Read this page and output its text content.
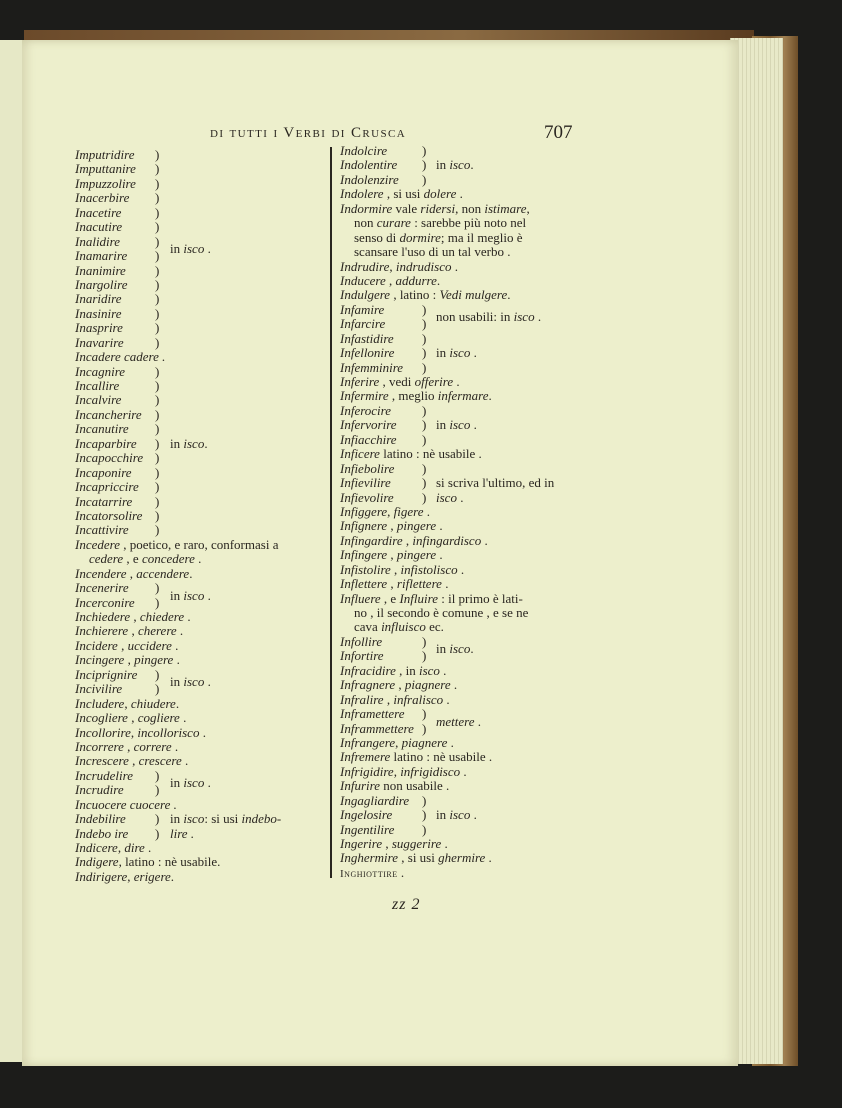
di tutti i Verbi di Crusca	707
Imputridire )
Imputtanire )
Impuzzolire )
Inacerbire )
Inacetire	)
Inacutire	)
Inalidire	)
Inamarire ) in isco .
Inanimire )
Inargolire )
Inaridire	)
Inasinire	)
Inasprire )
Inavarire )
Incadere cadere .
Incagnire )
Incallire	)
Incalvire	)
Incancherire )
Incanutire )
Incaparbire ) in isco.
Incapocchire )
Incaponire )
Incapriccire )
Incatarrire )
Incatorsolire )
Incattivire )
Incedere , poetico, e raro, conformasi a
cedere , e concedere .
Incendere , accendere.
Incenerire )
Incerconire ) in isco .
Inchiedere , chiedere .
Inchierere , cherere .
Incidere , uccidere .
Incingere , pingere .
Inciprignire )
Incivilire	) in isco .
Includere, chiudere.
Incogliere , cogliere .
Incollorire, incollorisco .
Incorrere , correre .
Increscere , crescere .
Incrudelire )
Incrudire ) in isco .
Incuocere cuocere .
Indebilire ) in isco: si usi indebo-
Indebo ire ) lire .
Indicere, dire .
Indigere, latino : nè usabile.
Indirigere, erigere.
Indolcire	)
Indolentire ) in isco.
Indolenzire )
Indolere , si usi dolere .
Indormire vale ridersi, non istimare,
non curare : sarebbe più noto nel
senso di dormire; ma il meglio è
scansare l'uso di un tal verbo .
Indrudire, indrudisco .
Inducere , addurre.
Indulgere , latino : Vedi mulgere.
Infamire	)
Infarcire	) non usabili: in isco .
Infastidire )
Infellonire ) in isco .
Infemminire )
Inferire , vedi offerire .
Infermire , meglio infermare.
Inferocire )
Infervorire ) in isco .
Infiacchire )
Inficere latino : nè usabile .
Infiebolire )
Infievilire ) si scriva l'ultimo, ed in
Infievolire ) isco .
Infiggere, figere .
Infignere , pingere .
Infingardire , infingardisco .
Infingere , pingere .
Infistolire , infistolisco .
Inflettere , riflettere .
Influere , e Influire : il primo è lati-
no , il secondo è comune , e se ne
cava influisco ec.
Infollire	)
Infortire	) in isco.
Infracidire , in isco .
Infragnere , piagnere .
Infralire , infralisco .
Inframettere )
Inframmettere ) mettere .
Infrangere, piagnere .
Infremere latino : nè usabile .
Infrigidire, infrigidisco .
Infurire non usabile .
Ingagliardire )
Ingelosire ) in isco .
Ingentilire )
Ingerire , suggerire .
Inghermire , si usi ghermire .
Inghiottire .
zz 2
